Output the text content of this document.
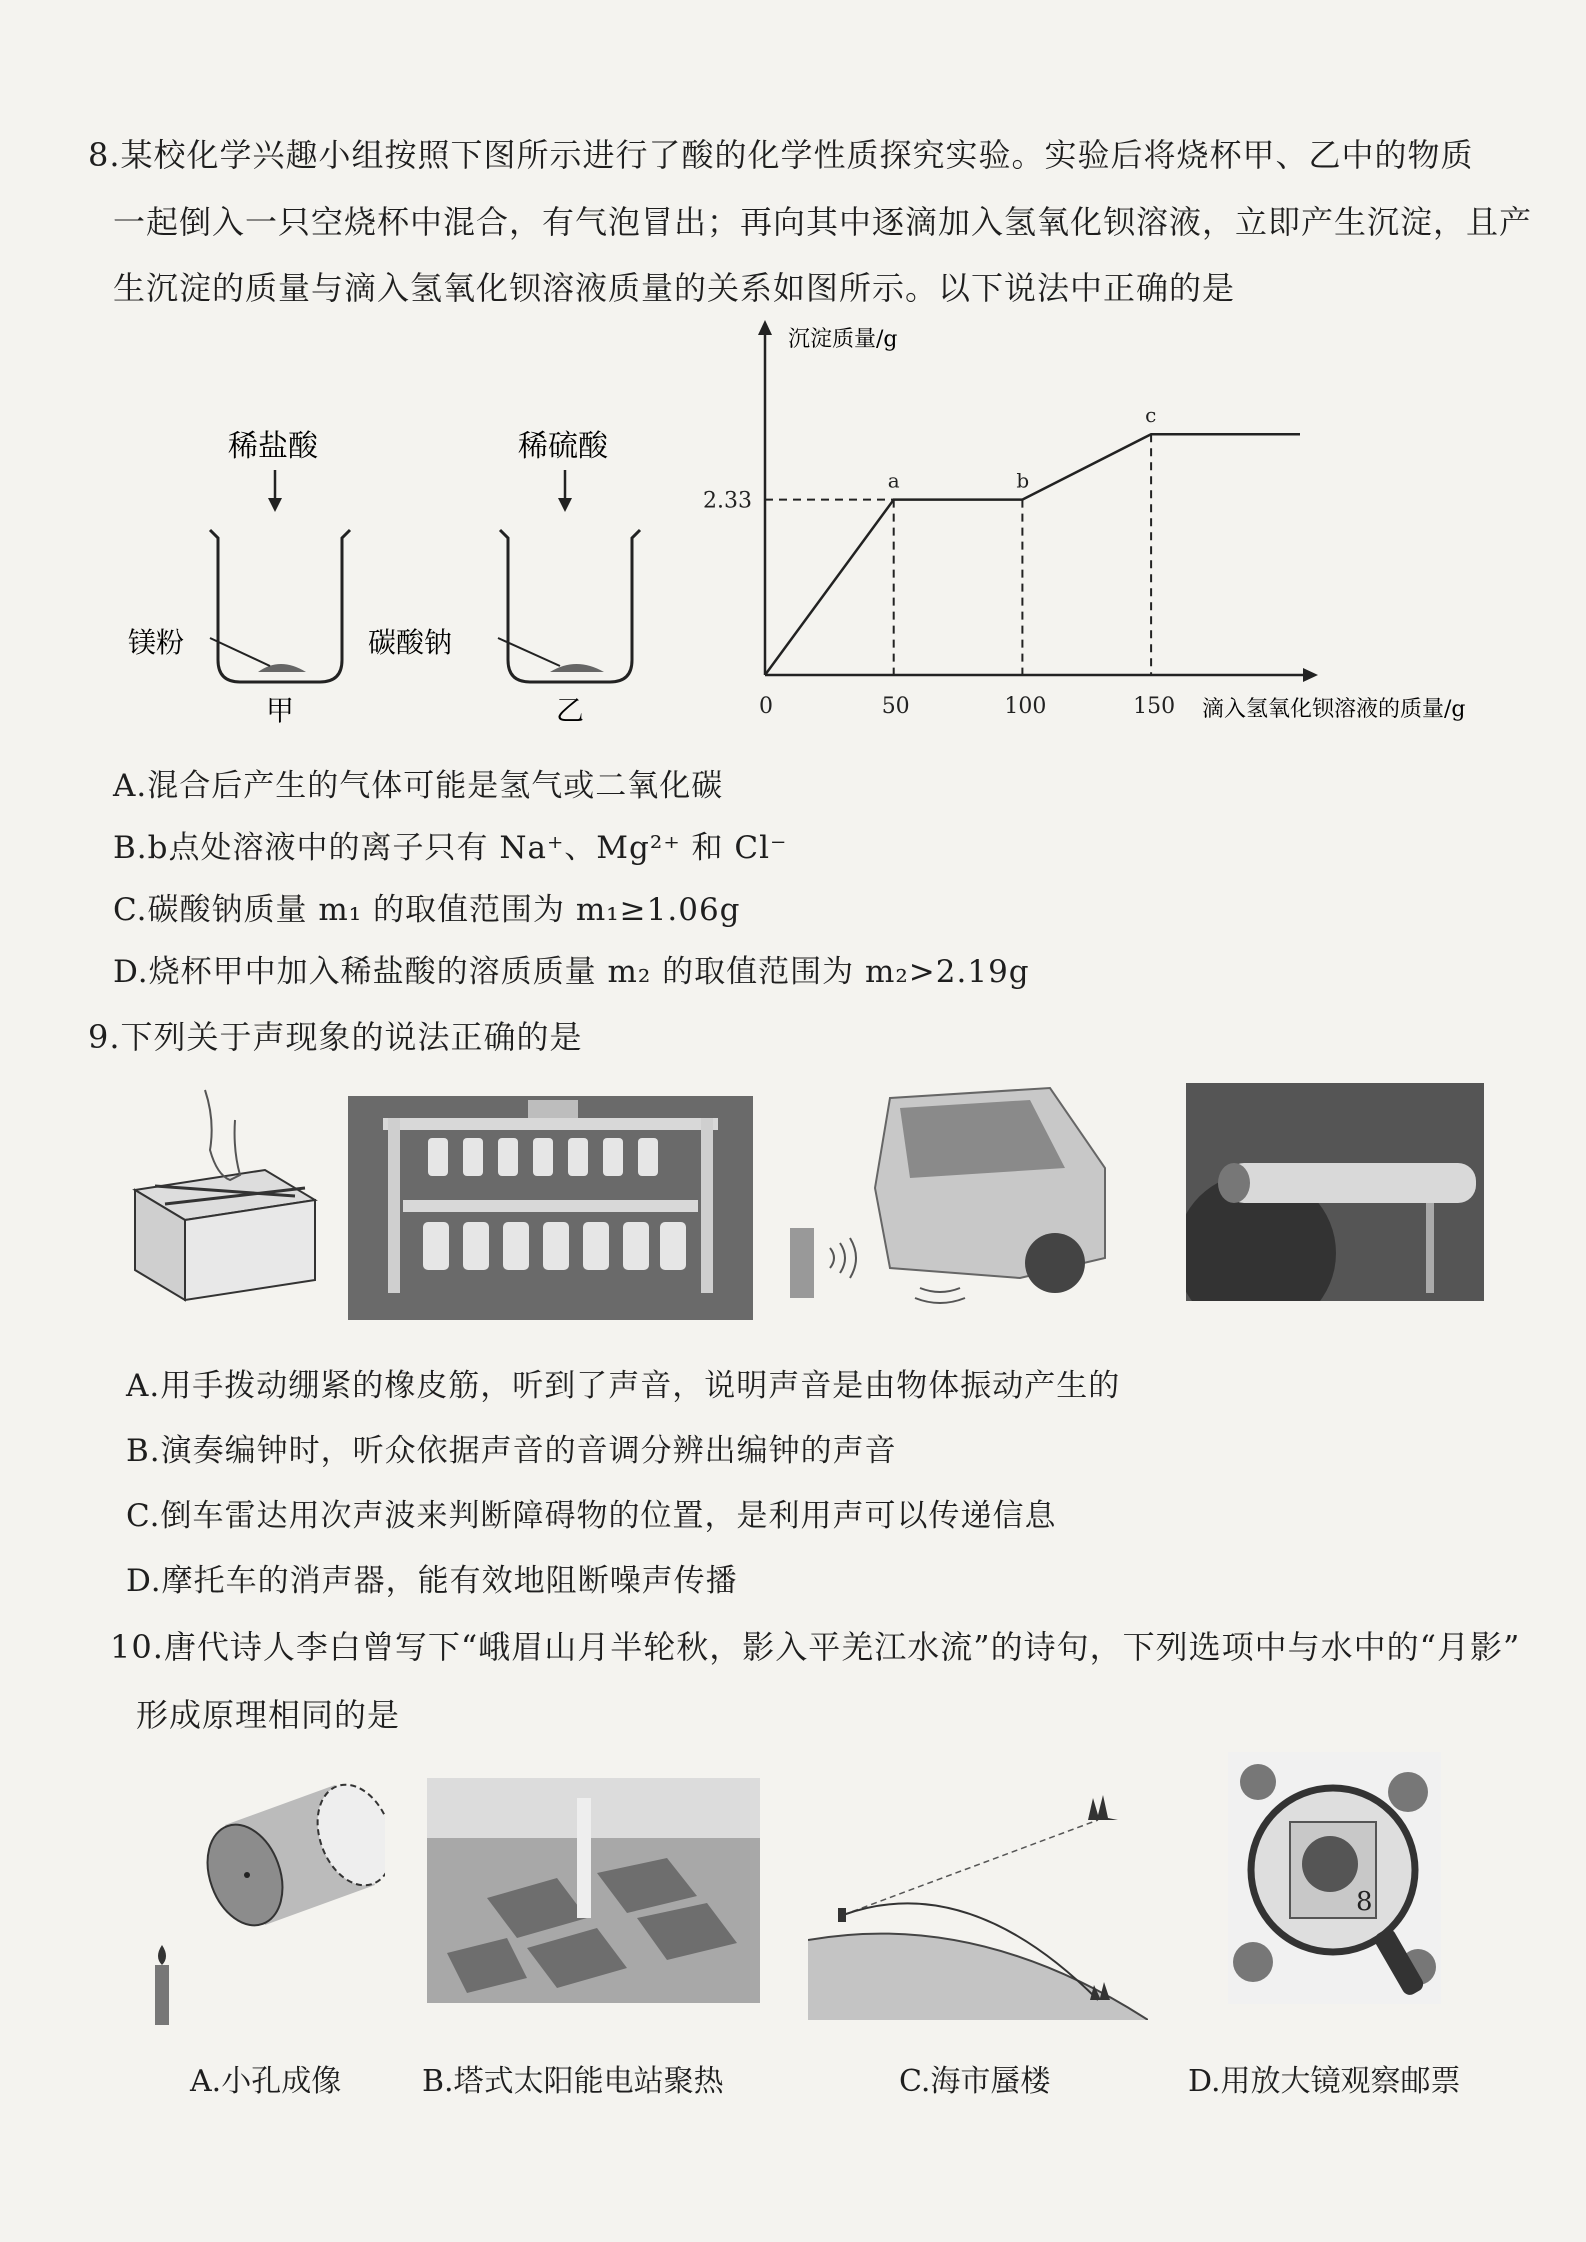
8.某校化学兴趣小组按照下图所示进行了酸的化学性质探究实验。实验后将烧杯甲、乙中的物质
一起倒入一只空烧杯中混合，有气泡冒出；再向其中逐滴加入氢氧化钡溶液，立即产生沉淀，且产
生沉淀的质量与滴入氢氧化钡溶液质量的关系如图所示。以下说法中正确的是
稀盐酸
镁粉
甲
稀硫酸
碳酸钠
乙
a	b
c
0	50	100	150
2.33
沉淀质量/g
滴入氢氧化钡溶液的质量/g
A.混合后产生的气体可能是氢气或二氧化碳
B.b点处溶液中的离子只有 Na⁺、Mg²⁺ 和 Cl⁻
C.碳酸钠质量 m₁ 的取值范围为 m₁≥1.06g
D.烧杯甲中加入稀盐酸的溶质质量 m₂ 的取值范围为 m₂>2.19g
9.下列关于声现象的说法正确的是
A.用手拨动绷紧的橡皮筋，听到了声音，说明声音是由物体振动产生的
B.演奏编钟时，听众依据声音的音调分辨出编钟的声音
C.倒车雷达用次声波来判断障碍物的位置，是利用声可以传递信息
D.摩托车的消声器，能有效地阻断噪声传播
10.唐代诗人李白曾写下“峨眉山月半轮秋，影入平羌江水流”的诗句，下列选项中与水中的“月影”
形成原理相同的是
8
A.小孔成像	B.塔式太阳能电站聚热	C.海市蜃楼	D.用放大镜观察邮票
